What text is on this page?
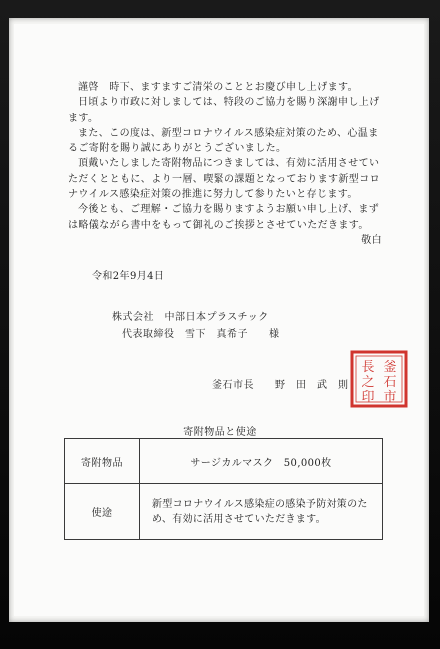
謹啓　時下、ますますご清栄のこととお慶び申し上げます。

日頃より市政に対しましては、特段のご協力を賜り深謝申し上げます。

また、この度は、新型コロナウイルス感染症対策のため、心温まるご寄附を賜り誠にありがとうございました。

頂戴いたしました寄附物品につきましては、有効に活用させていただくとともに、より一層、喫緊の課題となっております新型コロナウイルス感染症対策の推進に努力して参りたいと存じます。

今後とも、ご理解・ご協力を賜りますようお願い申し上げ、まずは略儀ながら書中をもって御礼のご挨拶とさせていただきます。

敬白

令和2年9月4日
株式会社　中部日本プラスチック
代表取締役　雪下　真希子　　様
釜石市長　　野　田　武　則
釜
石
市
長
之
印
寄附物品と使途
寄附物品	サージカルマスク　50,000枚
使途	新型コロナウイルス感染症の感染予防対策のため、有効に活用させていただきます。
